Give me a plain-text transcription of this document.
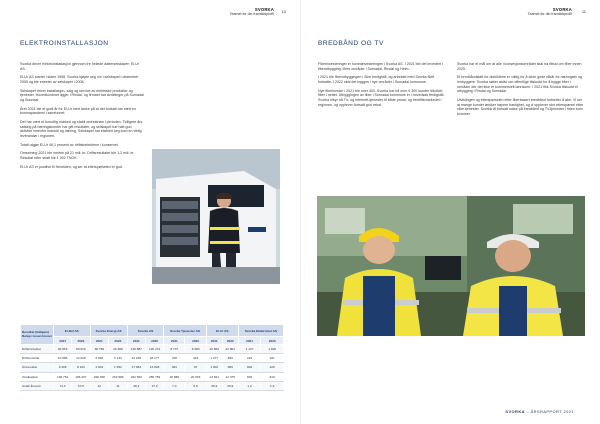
SVORKA
Teamet for din framtidsprofil
10
ELEKTROINSTALLASJON

Svorka driver elektroinstallasjon gjennom tre heleide datterselskaper: El-Ur AS.

El-Ur AS startet i siden 1998. Svorka kjøpte seg inn i selskapet i desember 2005 og ble eneeier av selskapet i 2008.

Selskapet driver installasjon, salg og service av elektriske produkter og tjenester. Hovedkontoret ligger i Rindal, og firmaet har avdelinger på Surnadal og Sunndal.

Året 2021 ble et godt år for El-Ur med tanke på at det fortsatt har vært en koronapandemi i samfunnet.

Det har vært et fornuftig marked og stabil ordrestrøm i perioden. Tidligere års satsing på næringskunder har gitt resultater, og selskapet har hatt god aktivitet innenfor industri og næring. Selskapet har etablert seg som en viktig leverandør i regionen.

Totalt utgjør El-Ur 46,1 prosent av driftsinntektene i konsernet.

Omsetning 2021 ble nesten på 21 mill. kr. Driftsresultatet ble 1,2 mill. kr. Resultat etter skatt ble 1 002 TNOK.

El-Ur AS er positive til fremtiden, og ser at etterspørselen er god.

Resultat (tidligere) Beløp i tusen kroner	El-Ref AS		Svorka Energi AS		Svorka AS		Svorka Tjenester AS		El-Ur AS		Svorka Elektrisitet AS	
	2021	2020	2021	2020	2021	2020	2021	2020	2021	2020	2021	2020
Driftsinntekter	90 816	80 610	38 786	40 388	146 887	120 272	8 737	8 480	20 869	22 801	1 127	1 609
Driftsresultat	10 686	12 028	6 836	6 134	24 248	25 177	708	443	1 077	899	224	231
Årsresultat	8 306	8 163	4 801	1 952	17 684	16 828	384	97	1 002	689	804	226
Totalkapital	196 752	186 297	299 368	262 888	262 560	255 769	20 880	20 993	13 821	12 375	894	810
Antall årsverk	11,3	10,5	12	11	38,2	27,0	7,0	6,9	26,9	26,9	1,2	1,2
SVORKA
Teamet for din framtidsprofil
11
BREDBÅND OG TV

Fiberinvesteringer er hovedinvesteringen i Svorka AS. I 2021 ble det investert i fiberutbygging i flere områder i Surnadal, Rindal og Heim.

I 2021 ble fiberutbyggingen i Skei ferdigstilt, og arbeidet med Svorka Nett fortsatte. I 2022 skal det bygges i nye områder i Surnadal kommune.

Nye fiberkunder i 2021 ble over 400. Svorka har nå over 9 300 kunder tilkoblet fiber i nettet. Utbyggingen av fiber i Surnadal kommune er i hovedsak ferdigstilt. Svorka tilbyr nå TV- og internett-tjenester til både privat- og bedriftsmarkedet i regionen, og opplever fortsatt god vekst.

Svorka har et mål om at alle i konsesjonsområdet skal ha tilbud om fiber innen 2025.

Et bredbåndsløft for distriktene er viktig for å sikre gode vilkår for næringsliv og innbyggere. Svorka søker aktivt om offentlige tilskudd for å bygge fiber i områder der det ikke er kommersielt lønnsomt. I 2021 fikk Svorka tilskudd til utbygging i Rindal og Surnadal.

Utviklingen og etterspørselen etter fiberbasert bredbånd fortsetter å øke. Vi ser at mange kunder ønsker høyere hastighet, og vi opplever stor etterspørsel etter våre tjenester. Svorka vil fortsatt satse på bredbånd og TV-tjenester i tiden som kommer.

SVORKA – ÅRSRAPPORT 2021
